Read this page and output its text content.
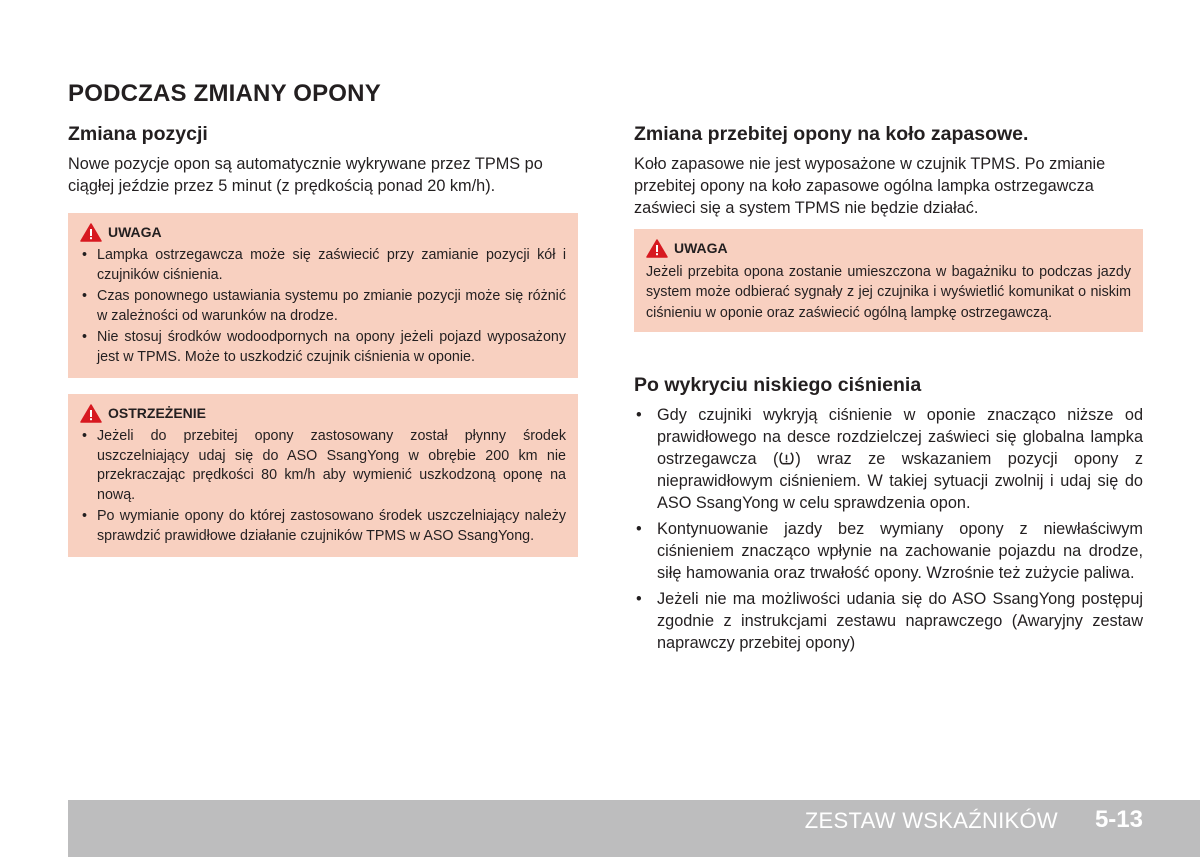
PODCZAS ZMIANY OPONY
Zmiana pozycji

Nowe pozycje opon są automatycznie wykrywane przez TPMS po ciągłej jeździe przez 5 minut (z prędkością ponad 20 km/h).

UWAGA
• Lampka ostrzegawcza może się zaświecić przy zamianie pozycji kół i czujników ciśnienia.
• Czas ponownego ustawiania systemu po zmianie pozycji może się różnić w zależności od warunków na drodze.
• Nie stosuj środków wodoodpornych na opony jeżeli pojazd wyposażony jest w TPMS. Może to uszkodzić czujnik ciśnienia w oponie.
OSTRZEŻENIE
• Jeżeli do przebitej opony zastosowany został płynny środek uszczelniający udaj się do ASO SsangYong w obrębie 200 km nie przekraczając prędkości 80 km/h aby wymienić uszkodzoną oponę na nową.
• Po wymianie opony do której zastosowano środek uszczelniający należy sprawdzić prawidłowe działanie czujników TPMS w ASO SsangYong.
Zmiana przebitej opony na koło zapasowe.

Koło zapasowe nie jest wyposażone w czujnik TPMS. Po zmianie przebitej opony na koło zapasowe ogólna lampka ostrzegawcza zaświeci się a system TPMS nie będzie działać.

UWAGA

Jeżeli przebita opona zostanie umieszczona w bagażniku to podczas jazdy system może odbierać sygnały z jej czujnika i wyświetlić komunikat o niskim ciśnieniu w oponie oraz zaświecić ogólną lampkę ostrzegawczą.

Po wykryciu niskiego ciśnienia
• Gdy czujniki wykryją ciśnienie w oponie znacząco niższe od prawidłowego na desce rozdzielczej zaświeci się globalna lampka ostrzegawcza ( ) wraz ze wskazaniem pozycji opony z nieprawidłowym ciśnieniem. W takiej sytuacji zwolnij i udaj się do ASO SsangYong w celu sprawdzenia opon.
• Kontynuowanie jazdy bez wymiany opony z niewłaściwym ciśnieniem znacząco wpłynie na zachowanie pojazdu na drodze, siłę hamowania oraz trwałość opony. Wzrośnie też zużycie paliwa.
• Jeżeli nie ma możliwości udania się do ASO SsangYong postępuj zgodnie z instrukcjami zestawu naprawczego (Awaryjny zestaw naprawczy przebitej opony)
ZESTAW WSKAŹNIKÓW 5-13
